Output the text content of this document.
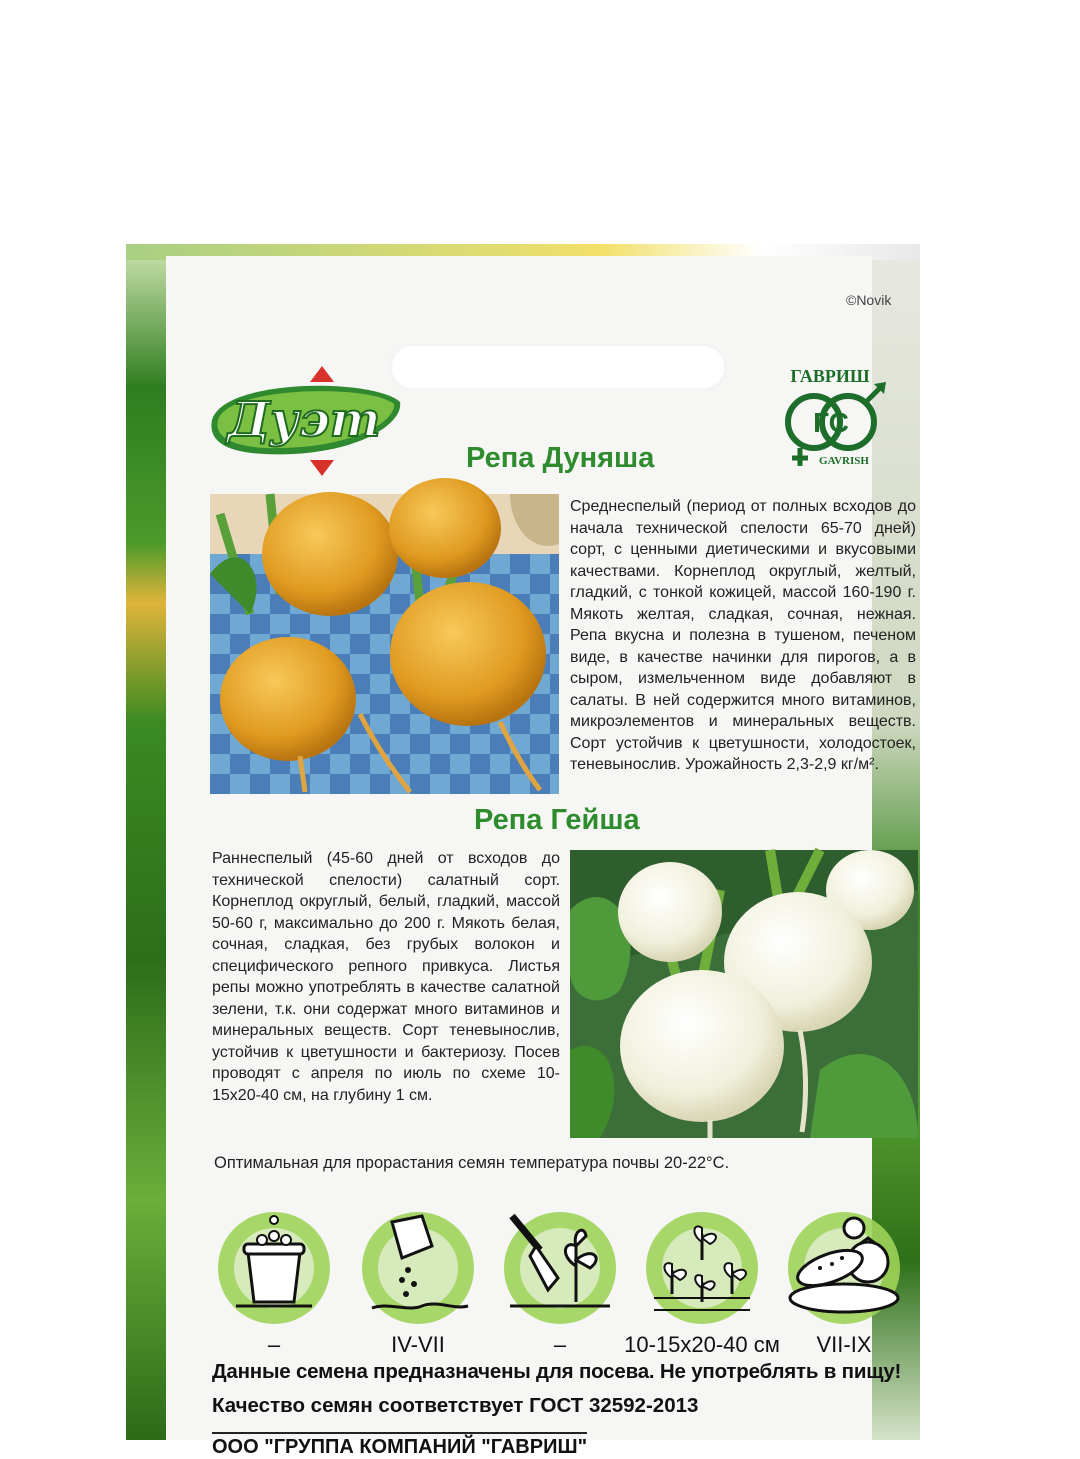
©Novik
Дуэт
ГАВРИШ
ГС
GAVRISH
Репа Дуняша
Среднеспелый (период от полных всходов до начала технической спелости 65-70 дней) сорт, с ценными диетическими и вкусовыми качествами. Корнеплод округлый, желтый, гладкий, с тонкой кожицей, массой 160-190 г. Мякоть желтая, сладкая, сочная, нежная. Репа вкусна и полезна в тушеном, печеном виде, в качестве начинки для пирогов, а в сыром, измельченном виде добавляют в салаты. В ней содержится много витаминов, микроэлементов и минеральных веществ. Сорт устойчив к цветушности, холодостоек, теневынослив. Урожайность 2,3-2,9 кг/м².
Репа Гейша
Раннеспелый (45-60 дней от всходов до технической спелости) салатный сорт. Корнеплод округлый, белый, гладкий, массой 50-60 г, максимально до 200 г. Мякоть белая, сочная, сладкая, без грубых волокон и специфического репного привкуса. Листья репы можно употреблять в качестве салатной зелени, т.к. они содержат много витаминов и минеральных веществ. Сорт теневынослив, устойчив к цветушности и бактериозу. Посев проводят с апреля по июль по схеме 10-15x20-40 см, на глубину 1 см.
Оптимальная для прорастания семян температура почвы 20-22°С.
–	IV-VII	–	10-15x20-40 см	VII-IX
Данные семена предназначены для посева. Не употреблять в пищу!
Качество семян соответствует ГОСТ 32592-2013
ООО "ГРУППА КОМПАНИЙ "ГАВРИШ"
